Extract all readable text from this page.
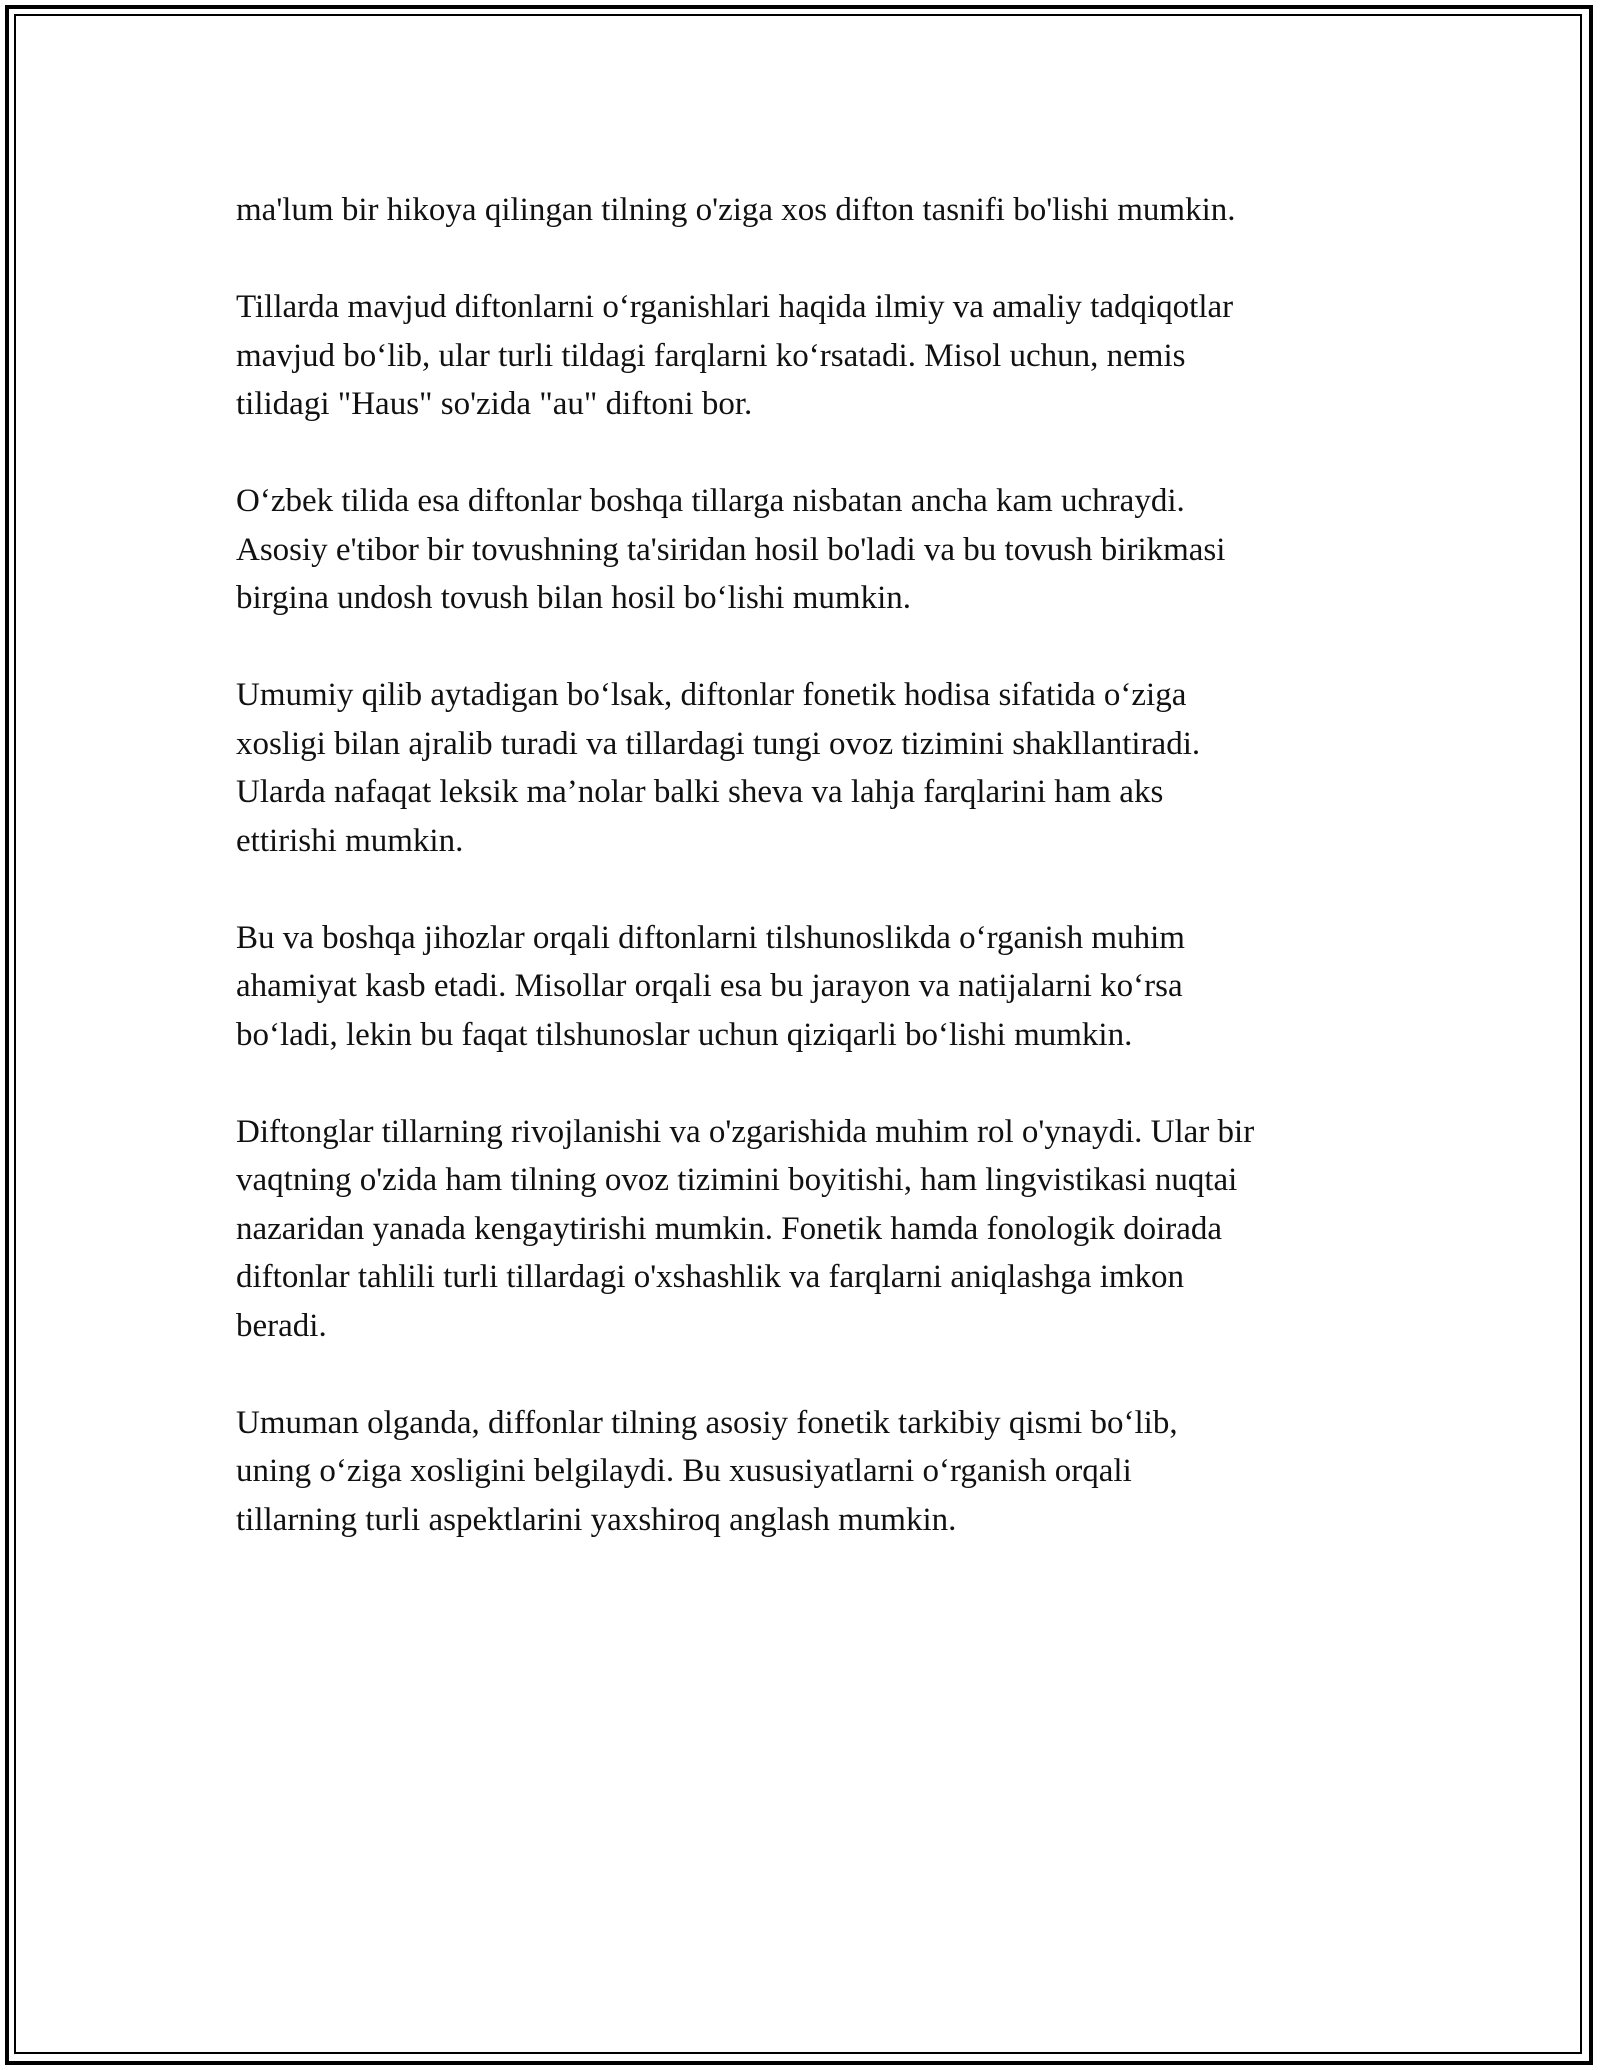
ma'lum bir hikoya qilingan tilning o'ziga xos difton tasnifi bo'lishi mumkin.

Tillarda mavjud diftonlarni o‘rganishlari haqida ilmiy va amaliy tadqiqotlar
mavjud bo‘lib, ular turli tildagi farqlarni ko‘rsatadi. Misol uchun, nemis
tilidagi "Haus" so'zida "au" diftoni bor.

O‘zbek tilida esa diftonlar boshqa tillarga nisbatan ancha kam uchraydi.
Asosiy e'tibor bir tovushning ta'siridan hosil bo'ladi va bu tovush birikmasi
birgina undosh tovush bilan hosil bo‘lishi mumkin.

Umumiy qilib aytadigan bo‘lsak, diftonlar fonetik hodisa sifatida o‘ziga
xosligi bilan ajralib turadi va tillardagi tungi ovoz tizimini shakllantiradi.
Ularda nafaqat leksik ma’nolar balki sheva va lahja farqlarini ham aks
ettirishi mumkin.

Bu va boshqa jihozlar orqali diftonlarni tilshunoslikda o‘rganish muhim
ahamiyat kasb etadi. Misollar orqali esa bu jarayon va natijalarni ko‘rsa
bo‘ladi, lekin bu faqat tilshunoslar uchun qiziqarli bo‘lishi mumkin.

Diftonglar tillarning rivojlanishi va o'zgarishida muhim rol o'ynaydi. Ular bir
vaqtning o'zida ham tilning ovoz tizimini boyitishi, ham lingvistikasi nuqtai
nazaridan yanada kengaytirishi mumkin. Fonetik hamda fonologik doirada
diftonlar tahlili turli tillardagi o'xshashlik va farqlarni aniqlashga imkon
beradi.

Umuman olganda, diffonlar tilning asosiy fonetik tarkibiy qismi bo‘lib,
uning o‘ziga xosligini belgilaydi. Bu xususiyatlarni o‘rganish orqali
tillarning turli aspektlarini yaxshiroq anglash mumkin.
